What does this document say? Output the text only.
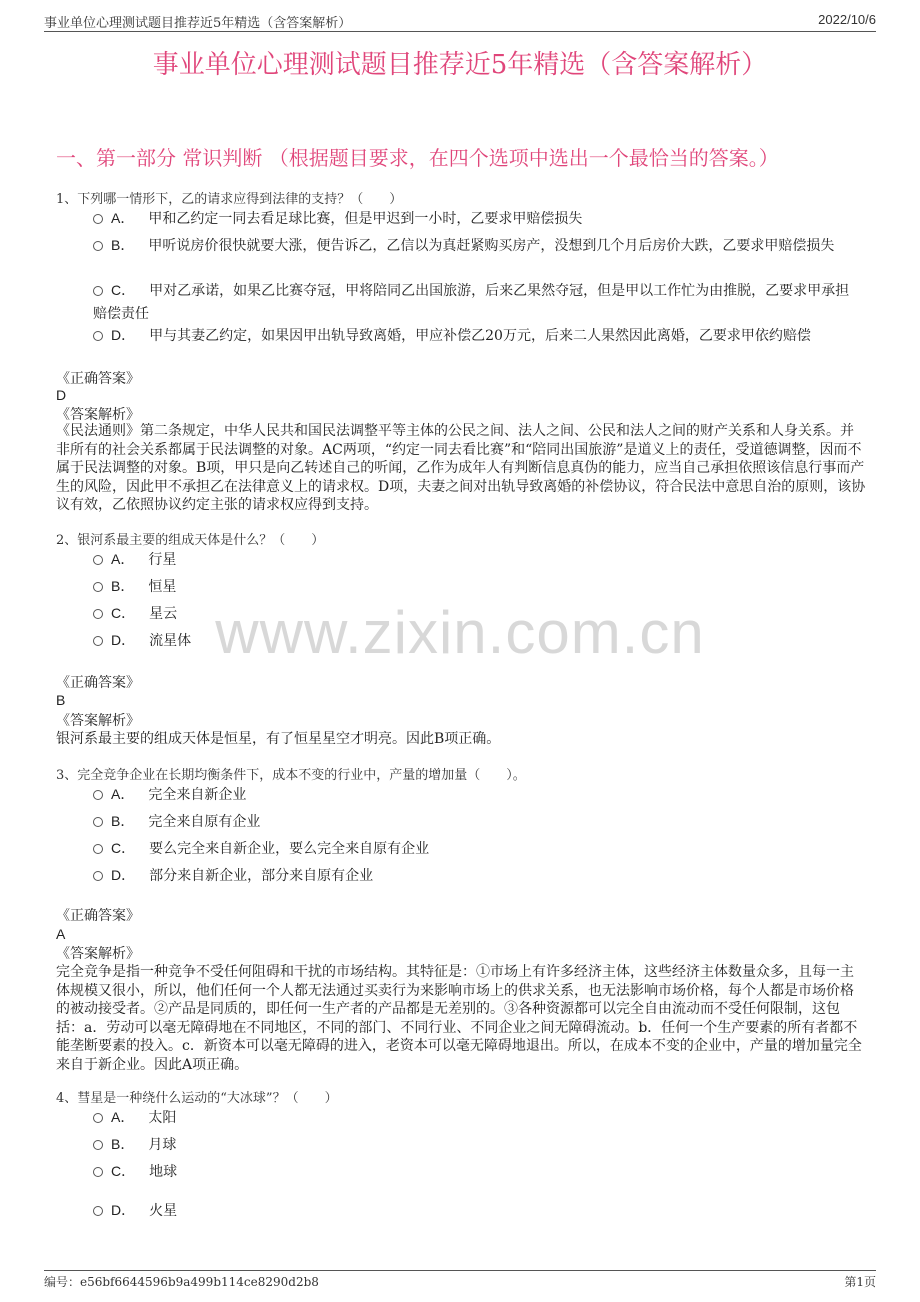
事业单位心理测试题目推荐近5年精选（含答案解析）	2022/10/6
事业单位心理测试题目推荐近5年精选（含答案解析）
一、第一部分 常识判断 （根据题目要求，在四个选项中选出一个最恰当的答案。）
www.zixin.com.cn
1、下列哪一情形下，乙的请求应得到法律的支持？（　　）
A． 甲和乙约定一同去看足球比赛，但是甲迟到一小时，乙要求甲赔偿损失
B． 甲听说房价很快就要大涨，便告诉乙，乙信以为真赶紧购买房产，没想到几个月后房价大跌，乙要求甲赔偿损失
C． 甲对乙承诺，如果乙比赛夺冠，甲将陪同乙出国旅游，后来乙果然夺冠，但是甲以工作忙为由推脱，乙要求甲承担赔偿责任
D． 甲与其妻乙约定，如果因甲出轨导致离婚，甲应补偿乙20万元，后来二人果然因此离婚，乙要求甲依约赔偿
《正确答案》
D
《答案解析》
《民法通则》第二条规定，中华人民共和国民法调整平等主体的公民之间、法人之间、公民和法人之间的财产关系和人身关系。并非所有的社会关系都属于民法调整的对象。AC两项，“约定一同去看比赛”和“陪同出国旅游”是道义上的责任，受道德调整，因而不属于民法调整的对象。B项，甲只是向乙转述自己的听闻，乙作为成年人有判断信息真伪的能力，应当自己承担依照该信息行事而产生的风险，因此甲不承担乙在法律意义上的请求权。D项，夫妻之间对出轨导致离婚的补偿协议，符合民法中意思自治的原则，该协议有效，乙依照协议约定主张的请求权应得到支持。
2、银河系最主要的组成天体是什么？（　　）
A． 行星
B． 恒星
C． 星云
D． 流星体
《正确答案》
B
《答案解析》
银河系最主要的组成天体是恒星，有了恒星星空才明亮。因此B项正确。
3、完全竞争企业在长期均衡条件下，成本不变的行业中，产量的增加量（　　）。
A． 完全来自新企业
B． 完全来自原有企业
C． 要么完全来自新企业，要么完全来自原有企业
D． 部分来自新企业，部分来自原有企业
《正确答案》
A
《答案解析》
完全竞争是指一种竞争不受任何阻碍和干扰的市场结构。其特征是：①市场上有许多经济主体，这些经济主体数量众多，且每一主体规模又很小，所以，他们任何一个人都无法通过买卖行为来影响市场上的供求关系，也无法影响市场价格，每个人都是市场价格的被动接受者。②产品是同质的，即任何一生产者的产品都是无差别的。③各种资源都可以完全自由流动而不受任何限制，这包括：a．劳动可以毫无障碍地在不同地区，不同的部门、不同行业、不同企业之间无障碍流动。b．任何一个生产要素的所有者都不能垄断要素的投入。c．新资本可以毫无障碍的进入，老资本可以毫无障碍地退出。所以，在成本不变的企业中，产量的增加量完全来自于新企业。因此A项正确。
4、彗星是一种绕什么运动的“大冰球”？（　　）
A． 太阳
B． 月球
C． 地球
D． 火星
编号：e56bf6644596b9a499b114ce8290d2b8	第1页
